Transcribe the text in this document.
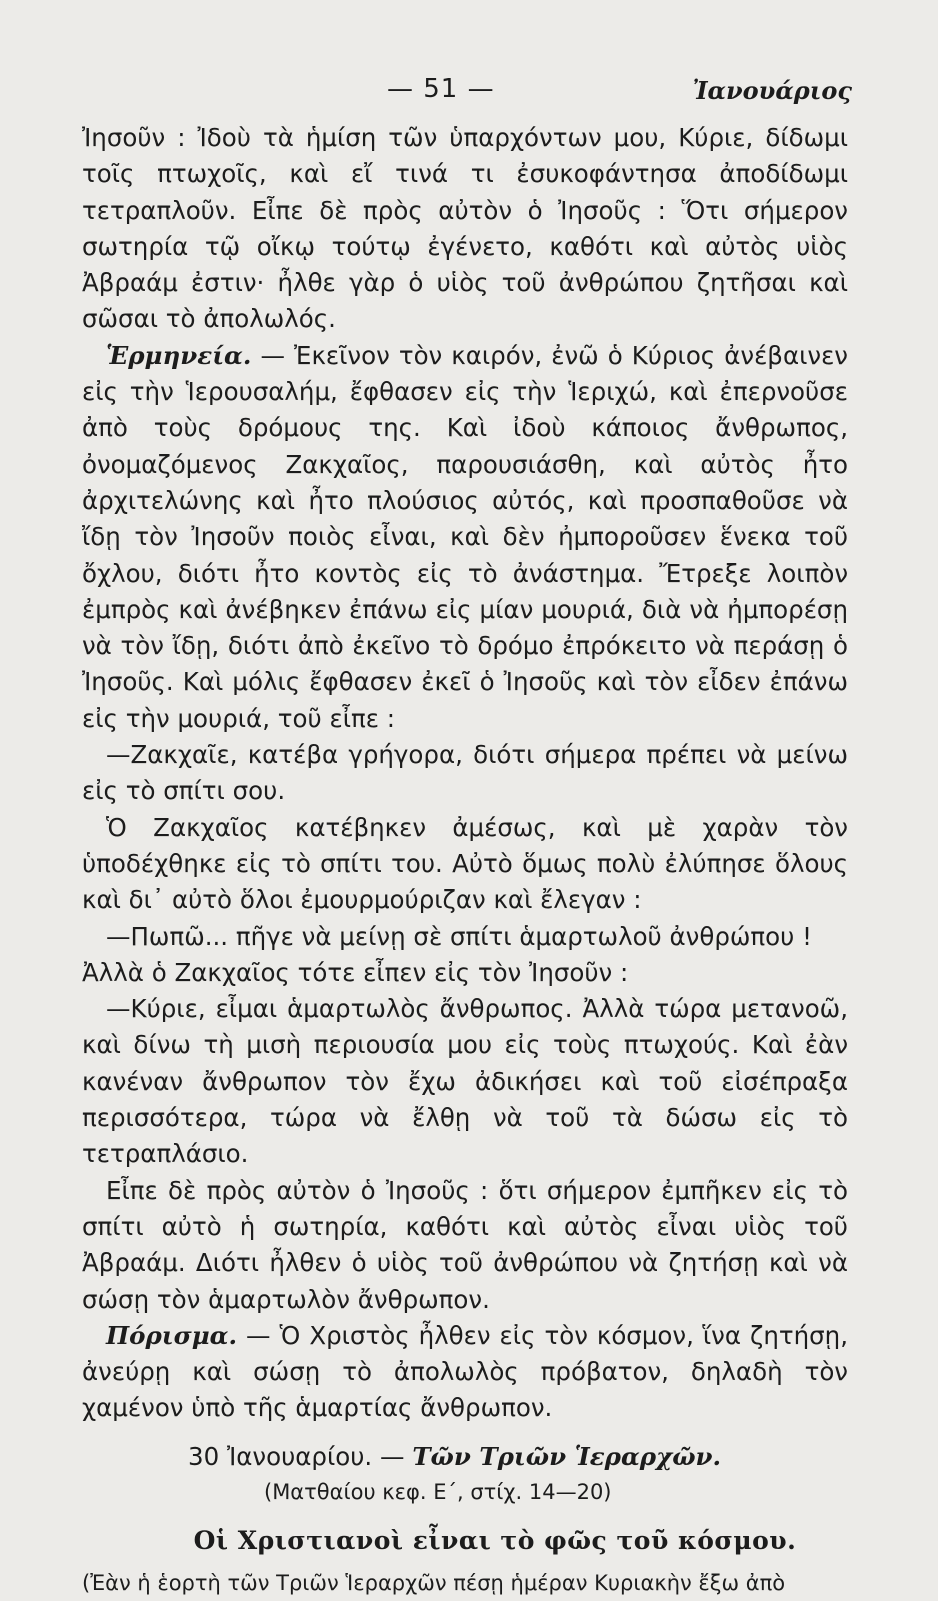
— 51 —	Ἰανουάριος

Ἰησοῦν : Ἰδοὺ τὰ ἡμίση τῶν ὑπαρχόντων μου, Κύριε, δίδωμι τοῖς πτωχοῖς, καὶ εἴ τινά τι ἐσυκοφάντησα ἀποδίδωμι τετραπλοῦν. Εἶπε δὲ πρὸς αὐτὸν ὁ Ἰησοῦς : Ὅτι σήμερον σωτηρία τῷ οἴκῳ τούτῳ ἐγένετο, καθότι καὶ αὐτὸς υἱὸς Ἀβραάμ ἐστιν· ἦλθε γὰρ ὁ υἱὸς τοῦ ἀνθρώπου ζητῆσαι καὶ σῶσαι τὸ ἀπολωλός.

Ἑρμηνεία. — Ἐκεῖνον τὸν καιρόν, ἐνῶ ὁ Κύριος ἀνέβαινεν εἰς τὴν Ἱερουσαλήμ, ἔφθασεν εἰς τὴν Ἱεριχώ, καὶ ἐπερνοῦσε ἀπὸ τοὺς δρόμους της. Καὶ ἰδοὺ κάποιος ἄνθρωπος, ὀνομαζόμενος Ζακχαῖος, παρουσιάσθη, καὶ αὐτὸς ἦτο ἀρχιτελώνης καὶ ἦτο πλούσιος αὐτός, καὶ προσπαθοῦσε νὰ ἴδῃ τὸν Ἰησοῦν ποιὸς εἶναι, καὶ δὲν ἠμποροῦσεν ἕνεκα τοῦ ὄχλου, διότι ἦτο κοντὸς εἰς τὸ ἀνάστημα. Ἔτρεξε λοιπὸν ἐμπρὸς καὶ ἀνέβηκεν ἐπάνω εἰς μίαν μουριά, διὰ νὰ ἠμπορέσῃ νὰ τὸν ἴδῃ, διότι ἀπὸ ἐκεῖνο τὸ δρόμο ἐπρόκειτο νὰ περάσῃ ὁ Ἰησοῦς. Καὶ μόλις ἔφθασεν ἐκεῖ ὁ Ἰησοῦς καὶ τὸν εἶδεν ἐπάνω εἰς τὴν μουριά, τοῦ εἶπε :

—Ζακχαῖε, κατέβα γρήγορα, διότι σήμερα πρέπει νὰ μείνω εἰς τὸ σπίτι σου.

Ὁ Ζακχαῖος κατέβηκεν ἀμέσως, καὶ μὲ χαρὰν τὸν ὑποδέχθηκε εἰς τὸ σπίτι του. Αὐτὸ ὅμως πολὺ ἐλύπησε ὅλους καὶ δι᾽ αὐτὸ ὅλοι ἐμουρμούριζαν καὶ ἔλεγαν :

—Πωπῶ... πῆγε νὰ μείνῃ σὲ σπίτι ἁμαρτωλοῦ ἀνθρώπου !

Ἀλλὰ ὁ Ζακχαῖος τότε εἶπεν εἰς τὸν Ἰησοῦν :

—Κύριε, εἶμαι ἁμαρτωλὸς ἄνθρωπος. Ἀλλὰ τώρα μετανοῶ, καὶ δίνω τὴ μισὴ περιουσία μου εἰς τοὺς πτωχούς. Καὶ ἐὰν κανέναν ἄνθρωπον τὸν ἔχω ἀδικήσει καὶ τοῦ εἰσέπραξα περισσότερα, τώρα νὰ ἔλθῃ νὰ τοῦ τὰ δώσω εἰς τὸ τετραπλάσιο.

Εἶπε δὲ πρὸς αὐτὸν ὁ Ἰησοῦς : ὅτι σήμερον ἐμπῆκεν εἰς τὸ σπίτι αὐτὸ ἡ σωτηρία, καθότι καὶ αὐτὸς εἶναι υἱὸς τοῦ Ἀβραάμ. Διότι ἦλθεν ὁ υἱὸς τοῦ ἀνθρώπου νὰ ζητήσῃ καὶ νὰ σώσῃ τὸν ἁμαρτωλὸν ἄνθρωπον.

Πόρισμα. — Ὁ Χριστὸς ἦλθεν εἰς τὸν κόσμον, ἵνα ζητήσῃ, ἀνεύρῃ καὶ σώσῃ τὸ ἀπολωλὸς πρόβατον, δηλαδὴ τὸν χαμένον ὑπὸ τῆς ἁμαρτίας ἄνθρωπον.

30 Ἰανουαρίου. — Τῶν Τριῶν Ἱεραρχῶν.
(Ματθαίου κεφ. Ε΄, στίχ. 14—20)
Οἱ Χριστιανοὶ εἶναι τὸ φῶς τοῦ κόσμου.
(Ἐὰν ἡ ἑορτὴ τῶν Τριῶν Ἱεραρχῶν πέσῃ ἡμέραν Κυριακὴν ἔξω ἀπὸ
